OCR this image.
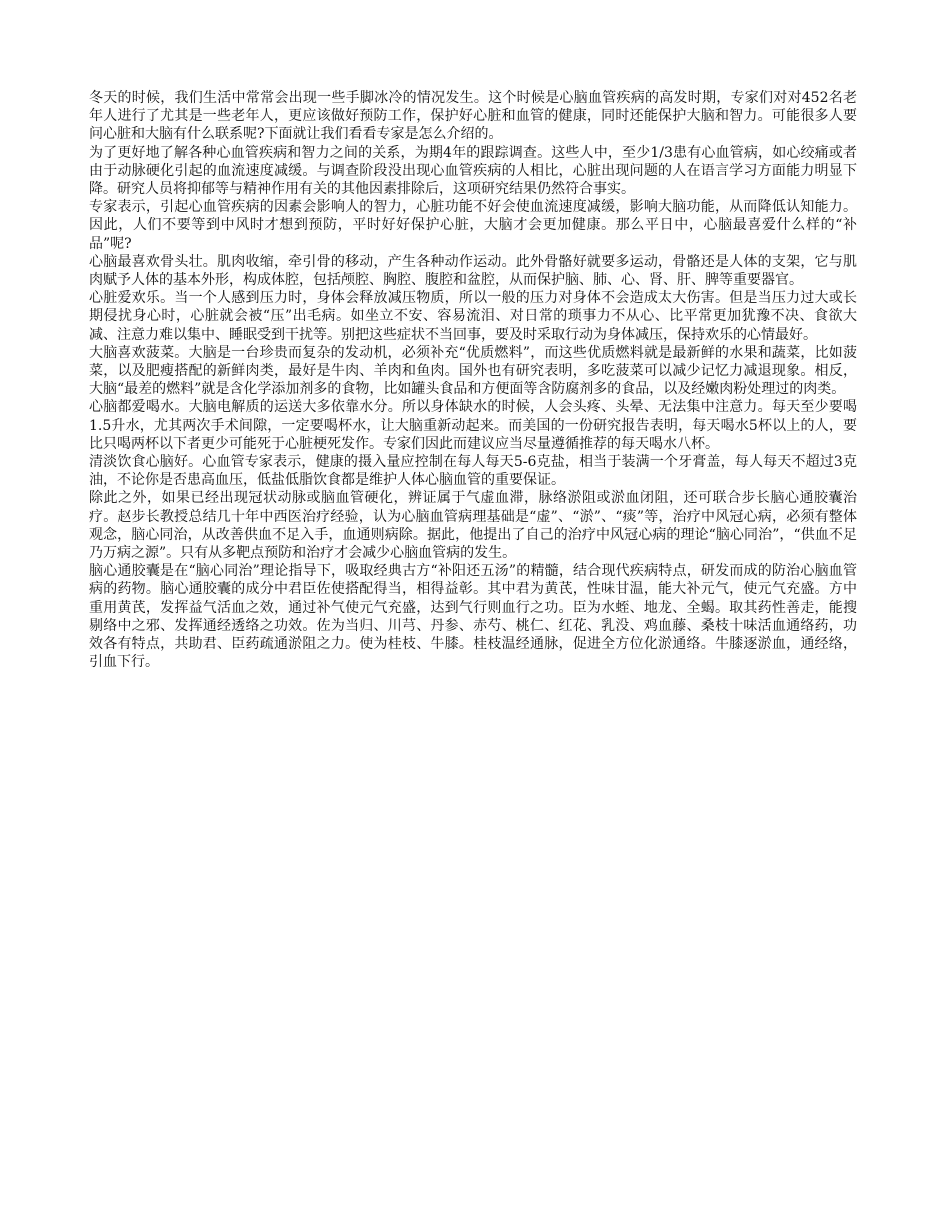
冬天的时候，我们生活中常常会出现一些手脚冰冷的情况发生。这个时候是心脑血管疾病的高发时期，专家们对对452名老年人进行了尤其是一些老年人，更应该做好预防工作，保护好心脏和血管的健康，同时还能保护大脑和智力。可能很多人要问心脏和大脑有什么联系呢?下面就让我们看看专家是怎么介绍的。

为了更好地了解各种心血管疾病和智力之间的关系，为期4年的跟踪调查。这些人中，至少1/3患有心血管病，如心绞痛或者由于动脉硬化引起的血流速度减缓。与调查阶段没出现心血管疾病的人相比，心脏出现问题的人在语言学习方面能力明显下降。研究人员将抑郁等与精神作用有关的其他因素排除后，这项研究结果仍然符合事实。

专家表示，引起心血管疾病的因素会影响人的智力，心脏功能不好会使血流速度减缓，影响大脑功能，从而降低认知能力。因此，人们不要等到中风时才想到预防，平时好好保护心脏，大脑才会更加健康。那么平日中，心脑最喜爱什么样的“补品”呢?

心脑最喜欢骨头壮。肌肉收缩，牵引骨的移动，产生各种动作运动。此外骨骼好就要多运动，骨骼还是人体的支架，它与肌肉赋予人体的基本外形，构成体腔，包括颅腔、胸腔、腹腔和盆腔，从而保护脑、肺、心、肾、肝、脾等重要器官。

心脏爱欢乐。当一个人感到压力时，身体会释放减压物质，所以一般的压力对身体不会造成太大伤害。但是当压力过大或长期侵扰身心时，心脏就会被“压”出毛病。如坐立不安、容易流泪、对日常的琐事力不从心、比平常更加犹豫不决、食欲大减、注意力难以集中、睡眠受到干扰等。别把这些症状不当回事，要及时采取行动为身体减压，保持欢乐的心情最好。

大脑喜欢菠菜。大脑是一台珍贵而复杂的发动机，必须补充“优质燃料”，而这些优质燃料就是最新鲜的水果和蔬菜，比如菠菜，以及肥瘦搭配的新鲜肉类，最好是牛肉、羊肉和鱼肉。国外也有研究表明，多吃菠菜可以减少记忆力减退现象。相反，大脑“最差的燃料”就是含化学添加剂多的食物，比如罐头食品和方便面等含防腐剂多的食品，以及经嫩肉粉处理过的肉类。

心脑都爱喝水。大脑电解质的运送大多依靠水分。所以身体缺水的时候，人会头疼、头晕、无法集中注意力。每天至少要喝1.5升水，尤其两次手术间隙，一定要喝杯水，让大脑重新动起来。而美国的一份研究报告表明，每天喝水5杯以上的人，要比只喝两杯以下者更少可能死于心脏梗死发作。专家们因此而建议应当尽量遵循推荐的每天喝水八杯。

清淡饮食心脑好。心血管专家表示，健康的摄入量应控制在每人每天5-6克盐，相当于装满一个牙膏盖，每人每天不超过3克油，不论你是否患高血压，低盐低脂饮食都是维护人体心脑血管的重要保证。

除此之外，如果已经出现冠状动脉或脑血管硬化，辨证属于气虚血滞，脉络淤阻或淤血闭阻，还可联合步长脑心通胶囊治疗。赵步长教授总结几十年中西医治疗经验，认为心脑血管病理基础是“虚”、“淤”、“痰”等，治疗中风冠心病，必须有整体观念，脑心同治，从改善供血不足入手，血通则病除。据此，他提出了自己的治疗中风冠心病的理论“脑心同治”，“供血不足乃万病之源”。只有从多靶点预防和治疗才会减少心脑血管病的发生。

脑心通胶囊是在“脑心同治”理论指导下，吸取经典古方“补阳还五汤”的精髓，结合现代疾病特点，研发而成的防治心脑血管病的药物。脑心通胶囊的成分中君臣佐使搭配得当，相得益彰。其中君为黄芪，性味甘温，能大补元气，使元气充盛。方中重用黄芪，发挥益气活血之效，通过补气使元气充盛，达到气行则血行之功。臣为水蛭、地龙、全蝎。取其药性善走，能搜剔络中之邪、发挥通经透络之功效。佐为当归、川芎、丹参、赤芍、桃仁、红花、乳没、鸡血藤、桑枝十味活血通络药，功效各有特点，共助君、臣药疏通淤阻之力。使为桂枝、牛膝。桂枝温经通脉，促进全方位化淤通络。牛膝逐淤血，通经络，引血下行。
